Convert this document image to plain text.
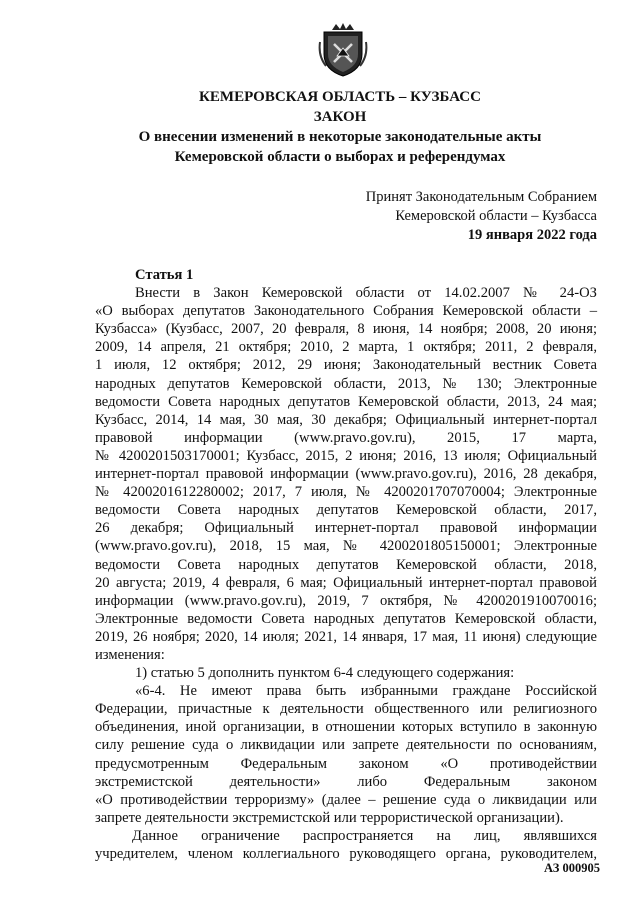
КЕМЕРОВСКАЯ ОБЛАСТЬ – КУЗБАСС
ЗАКОН
О внесении изменений в некоторые законодательные акты
Кемеровской области о выборах и референдумах
Принят Законодательным Собранием
Кемеровской области – Кузбасса
19 января 2022 года
Статья 1
Внести в Закон Кемеровской области от 14.02.2007 № 24-ОЗ
«О выборах депутатов Законодательного Собрания Кемеровской области –
Кузбасса» (Кузбасс, 2007, 20 февраля, 8 июня, 14 ноября; 2008, 20 июня;
2009, 14 апреля, 21 октября; 2010, 2 марта, 1 октября; 2011, 2 февраля,
1 июля, 12 октября; 2012, 29 июня; Законодательный вестник Совета
народных депутатов Кемеровской области, 2013, № 130; Электронные
ведомости Совета народных депутатов Кемеровской области, 2013, 24 мая;
Кузбасс, 2014, 14 мая, 30 мая, 30 декабря; Официальный интернет-портал
правовой информации (www.pravo.gov.ru), 2015, 17 марта,
№ 4200201503170001; Кузбасс, 2015, 2 июня; 2016, 13 июля; Официальный
интернет-портал правовой информации (www.pravo.gov.ru), 2016, 28 декабря,
№ 4200201612280002; 2017, 7 июля, № 4200201707070004; Электронные
ведомости Совета народных депутатов Кемеровской области, 2017,
26 декабря; Официальный интернет-портал правовой информации
(www.pravo.gov.ru), 2018, 15 мая, № 4200201805150001; Электронные
ведомости Совета народных депутатов Кемеровской области, 2018,
20 августа; 2019, 4 февраля, 6 мая; Официальный интернет-портал правовой
информации (www.pravo.gov.ru), 2019, 7 октября, № 4200201910070016;
Электронные ведомости Совета народных депутатов Кемеровской области,
2019, 26 ноября; 2020, 14 июля; 2021, 14 января, 17 мая, 11 июня) следующие
изменения:
1) статью 5 дополнить пунктом 6-4 следующего содержания:
«6-4. Не имеют права быть избранными граждане Российской
Федерации, причастные к деятельности общественного или религиозного
объединения, иной организации, в отношении которых вступило в законную
силу решение суда о ликвидации или запрете деятельности по основаниям,
предусмотренным Федеральным законом «О противодействии
экстремистской деятельности» либо Федеральным законом
«О противодействии терроризму» (далее – решение суда о ликвидации или
запрете деятельности экстремистской или террористической организации).
Данное ограничение распространяется на лиц, являвшихся
учредителем, членом коллегиального руководящего органа, руководителем,
АЗ 000905
